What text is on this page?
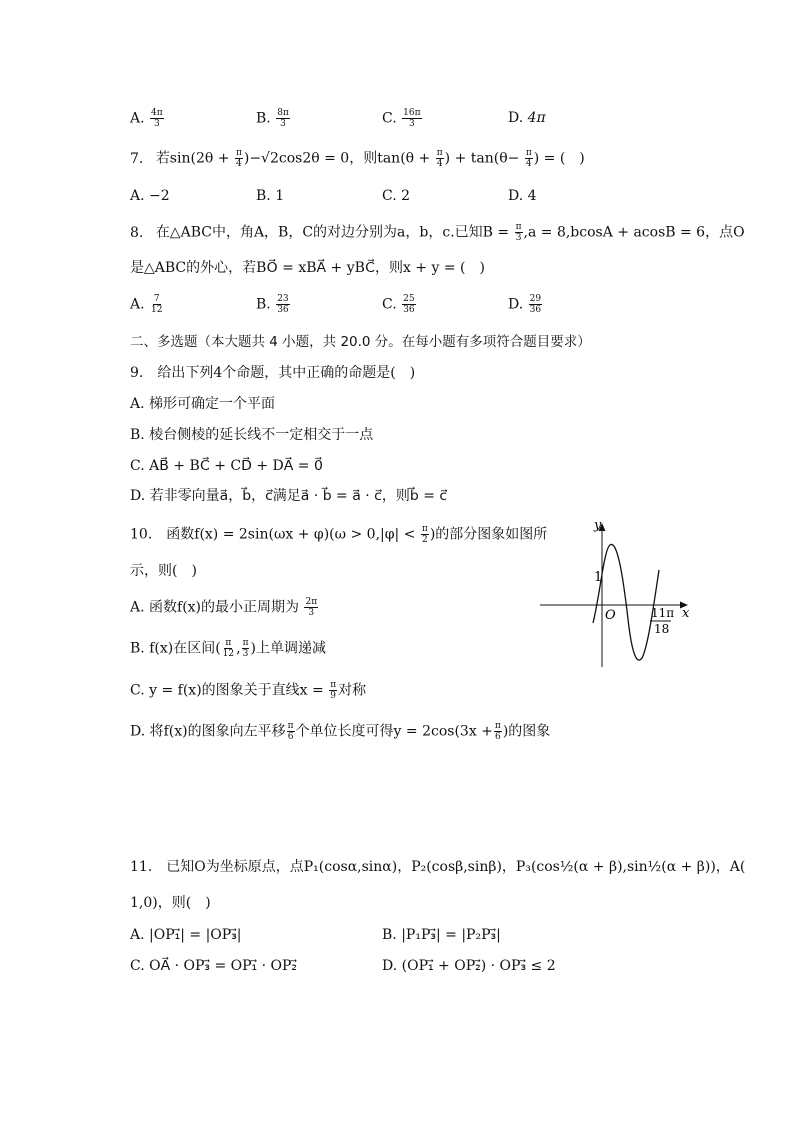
A. $\frac{4\pi}{3}$	B. $\frac{8\pi}{3}$	C. $\frac{16\pi}{3}$	D. 4π
7. 若$\sin(2\theta + \frac{\pi}{4} )-√2\cos 2\theta = 0$，则$\tan(\theta + \frac{\pi}{4}$ ) + $\tan(\theta- \frac{\pi}{4}$ ) = (　)
A. −2	B. 1	C. 2	D. 4
8. 在△ABC中，角A，B，C的对边分别为a，b，c.已知$B = \frac{\pi}{3} ,a = 8,bcosA + acosB = 6$，点O
是△ABC的外心，若BO⃗ = xBA⃗ + yBC⃗，则x + y = (　)
A. $\frac{7}{12}$	B. $\frac{23}{36}$	C. $\frac{25}{36}$	D. $\frac{29}{36}$
二、多选题（本大题共 4 小题，共 20.0 分。在每小题有多项符合题目要求）
9.　给出下列4个命题，其中正确的命题是(　)
A. 梯形可确定一个平面
B. 棱台侧棱的延长线不一定相交于一点
C. AB⃗ + BC⃗ + CD⃗ + DA⃗ = 0⃗
D. 若非零向量a⃗，b⃗，c⃗满足a⃗ · b⃗ = a⃗ · c⃗，则b⃗ = c⃗
10.　函数$f(x) = 2\sin(\omega x + \varphi)(\omega > 0,|\varphi| < \frac{\pi}{2}$ )的部分图象如图所
示，则(　)
A. 函数f(x)的最小正周期为 $\frac{2\pi}{3}$
B. f(x)在区间( $\frac{\pi}{12}$ , $\frac{\pi}{3}$ )上单调递减
C. y = f(x)的图象关于直线$x = \frac{\pi}{9}$ 对称
D. 将f(x)的图象向左平移 $\frac{\pi}{6}$ 个单位长度可得$y = 2\cos(3x + \frac{\pi}{6}$ )的图象
y
x
O
1
11π
18
11.　已知O为坐标原点，点P₁(cosα,sinα)，P₂(cosβ,sinβ)，P₃(cos½(α + β),sin½(α + β))，A(
1,0)，则(　)
A. |OP₁⃗| = |OP₃⃗|	B. |P₁P₃⃗| = |P₂P₃⃗|
C. OA⃗ · OP₃⃗ = OP₁⃗ · OP₂⃗	D. (OP₁⃗ + OP₂⃗) · OP₃⃗ ≤ 2
